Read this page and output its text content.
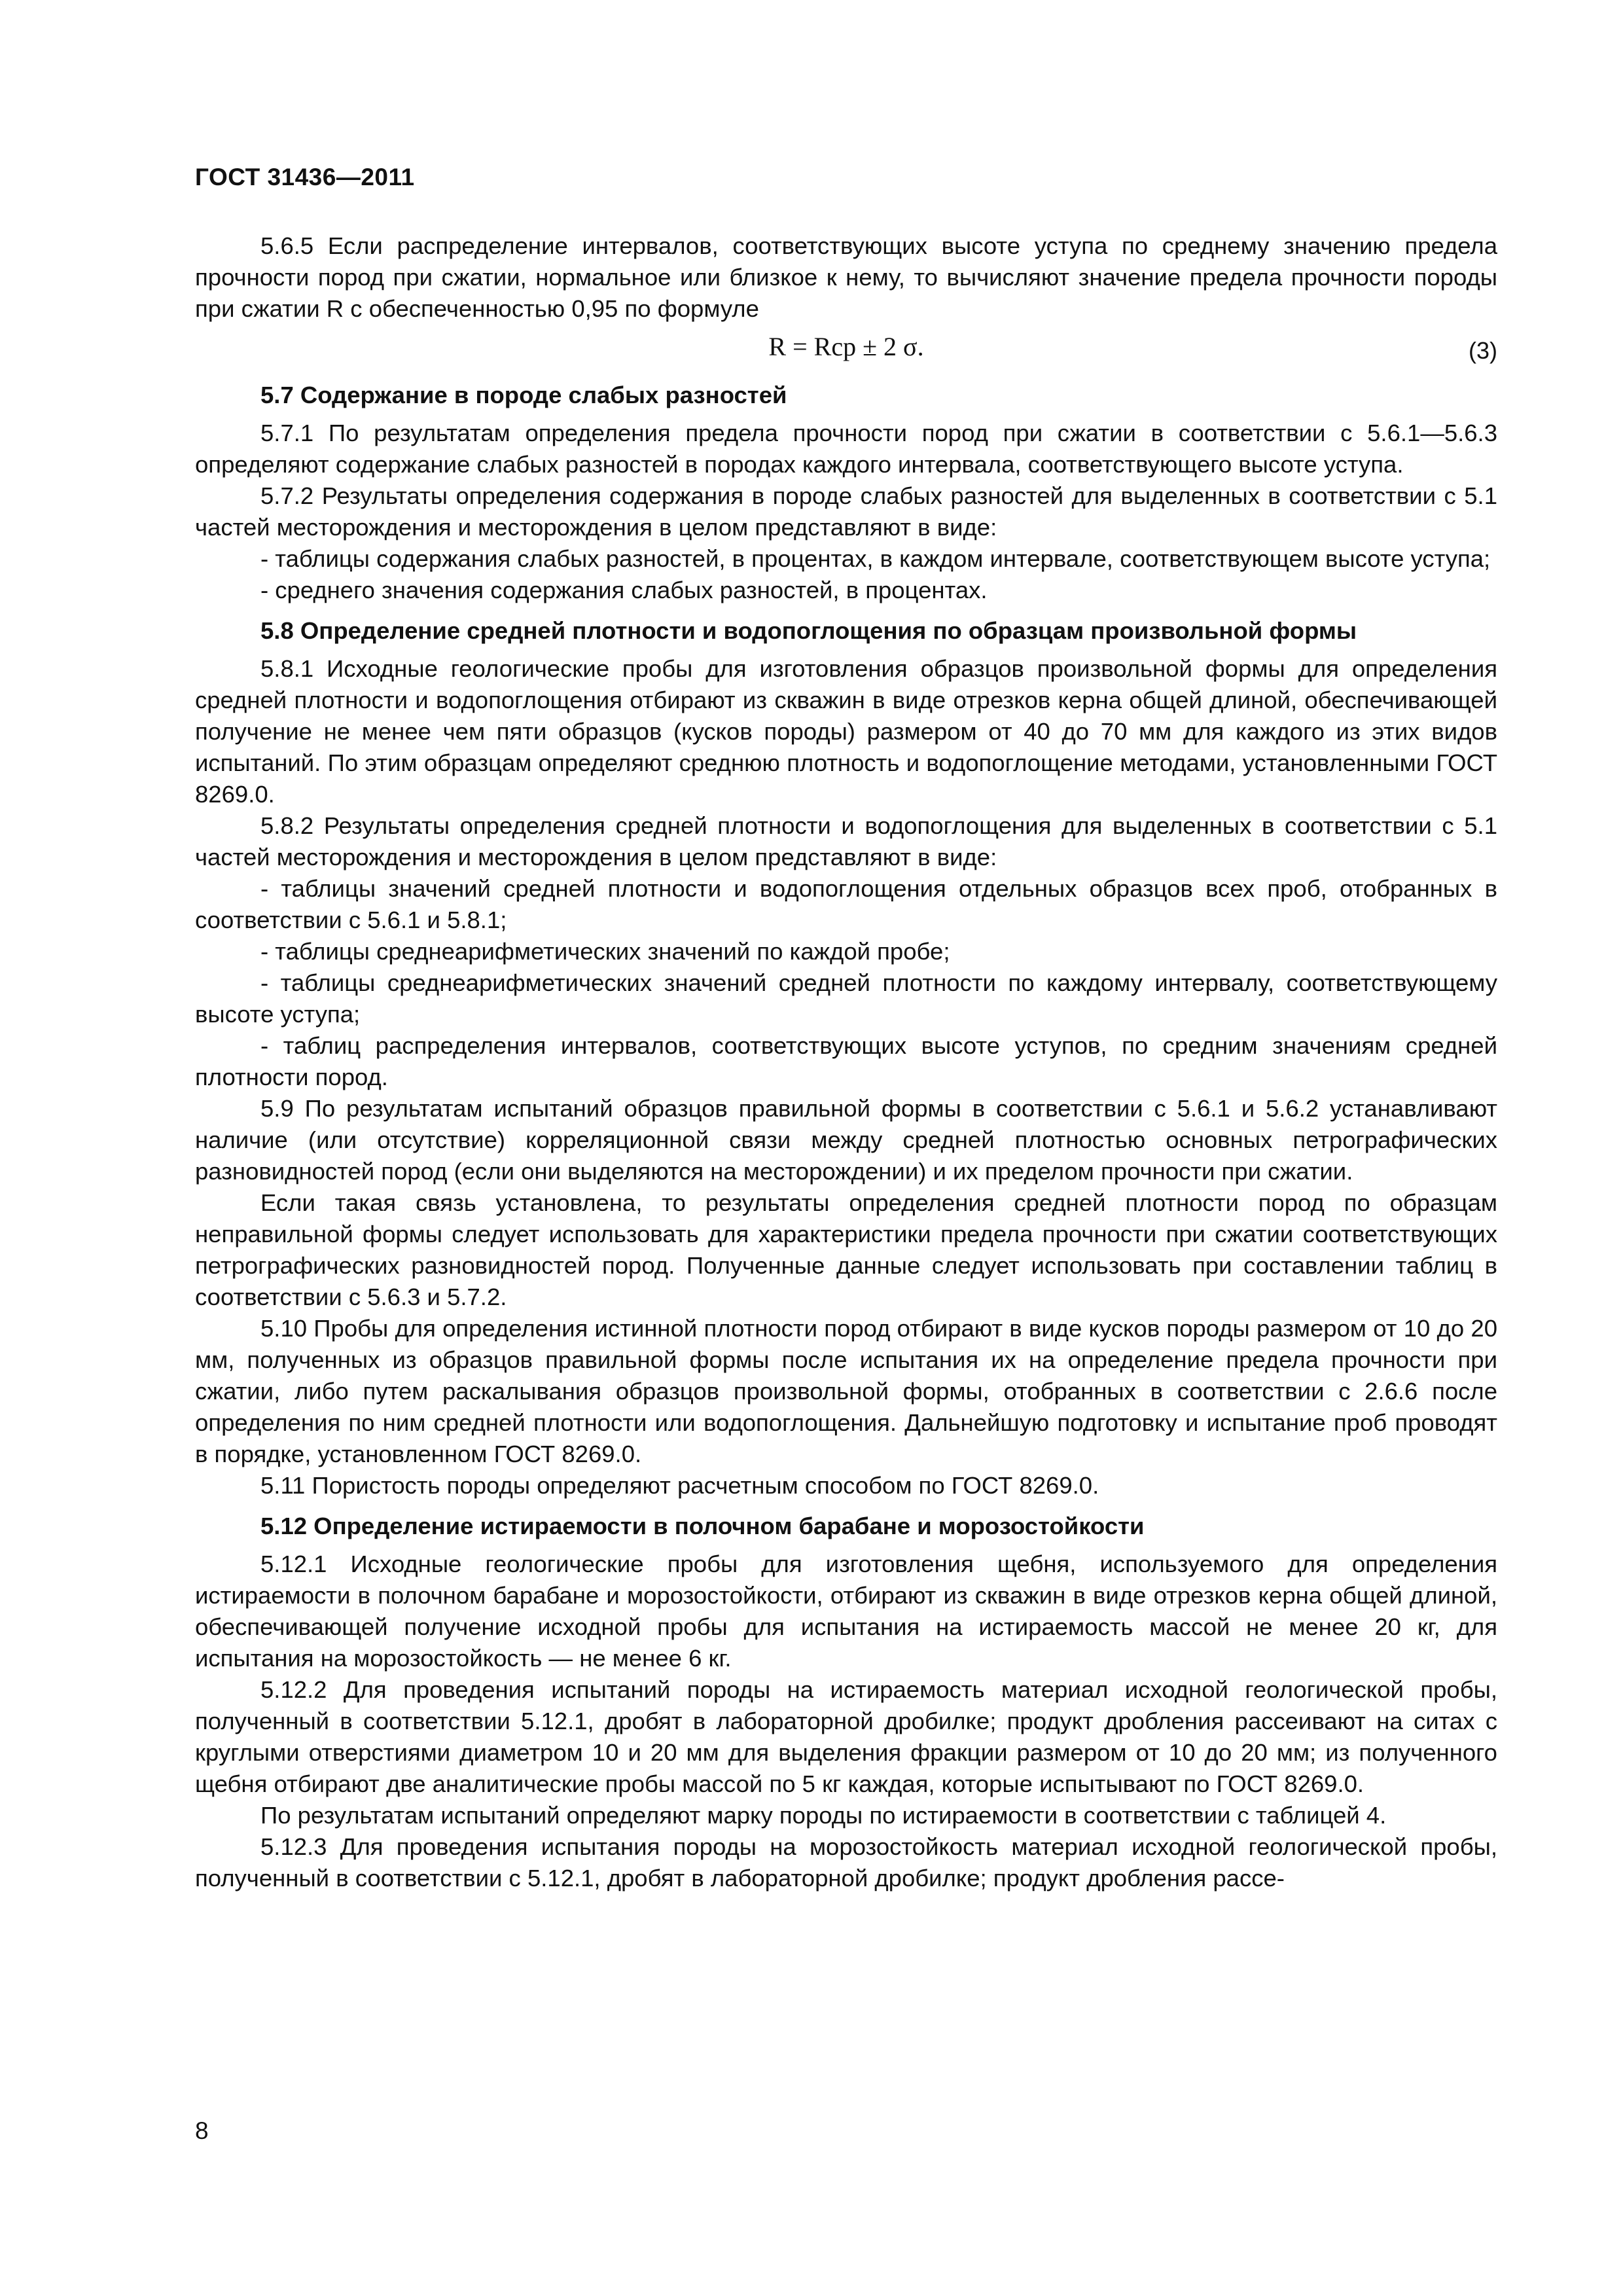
ГОСТ 31436—2011

5.6.5 Если распределение интервалов, соответствующих высоте уступа по среднему значению предела прочности пород при сжатии, нормальное или близкое к нему, то вычисляют значение предела прочности породы при сжатии R с обеспеченностью 0,95 по формуле

R = Rср ± 2 σ.	(3)

5.7 Содержание в породе слабых разностей

5.7.1 По результатам определения предела прочности пород при сжатии в соответствии с 5.6.1—5.6.3 определяют содержание слабых разностей в породах каждого интервала, соответствующего высоте уступа.

5.7.2 Результаты определения содержания в породе слабых разностей для выделенных в соответствии с 5.1 частей месторождения и месторождения в целом представляют в виде:

- таблицы содержания слабых разностей, в процентах, в каждом интервале, соответствующем высоте уступа;

- среднего значения содержания слабых разностей, в процентах.

5.8 Определение средней плотности и водопоглощения по образцам произвольной формы

5.8.1 Исходные геологические пробы для изготовления образцов произвольной формы для определения средней плотности и водопоглощения отбирают из скважин в виде отрезков керна общей длиной, обеспечивающей получение не менее чем пяти образцов (кусков породы) размером от 40 до 70 мм для каждого из этих видов испытаний. По этим образцам определяют среднюю плотность и водопоглощение методами, установленными ГОСТ 8269.0.

5.8.2 Результаты определения средней плотности и водопоглощения для выделенных в соответствии с 5.1 частей месторождения и месторождения в целом представляют в виде:

- таблицы значений средней плотности и водопоглощения отдельных образцов всех проб, отобранных в соответствии с 5.6.1 и 5.8.1;

- таблицы среднеарифметических значений по каждой пробе;

- таблицы среднеарифметических значений средней плотности по каждому интервалу, соответствующему высоте уступа;

- таблиц распределения интервалов, соответствующих высоте уступов, по средним значениям средней плотности пород.

5.9 По результатам испытаний образцов правильной формы в соответствии с 5.6.1 и 5.6.2 устанавливают наличие (или отсутствие) корреляционной связи между средней плотностью основных петрографических разновидностей пород (если они выделяются на месторождении) и их пределом прочности при сжатии.

Если такая связь установлена, то результаты определения средней плотности пород по образцам неправильной формы следует использовать для характеристики предела прочности при сжатии соответствующих петрографических разновидностей пород. Полученные данные следует использовать при составлении таблиц в соответствии с 5.6.3 и 5.7.2.

5.10 Пробы для определения истинной плотности пород отбирают в виде кусков породы размером от 10 до 20 мм, полученных из образцов правильной формы после испытания их на определение предела прочности при сжатии, либо путем раскалывания образцов произвольной формы, отобранных в соответствии с 2.6.6 после определения по ним средней плотности или водопоглощения. Дальнейшую подготовку и испытание проб проводят в порядке, установленном ГОСТ 8269.0.

5.11 Пористость породы определяют расчетным способом по ГОСТ 8269.0.

5.12 Определение истираемости в полочном барабане и морозостойкости

5.12.1 Исходные геологические пробы для изготовления щебня, используемого для определения истираемости в полочном барабане и морозостойкости, отбирают из скважин в виде отрезков керна общей длиной, обеспечивающей получение исходной пробы для испытания на истираемость массой не менее 20 кг, для испытания на морозостойкость — не менее 6 кг.

5.12.2 Для проведения испытаний породы на истираемость материал исходной геологической пробы, полученный в соответствии 5.12.1, дробят в лабораторной дробилке; продукт дробления рассеивают на ситах с круглыми отверстиями диаметром 10 и 20 мм для выделения фракции размером от 10 до 20 мм; из полученного щебня отбирают две аналитические пробы массой по 5 кг каждая, которые испытывают по ГОСТ 8269.0.

По результатам испытаний определяют марку породы по истираемости в соответствии с таблицей 4.

5.12.3 Для проведения испытания породы на морозостойкость материал исходной геологической пробы, полученный в соответствии с 5.12.1, дробят в лабораторной дробилке; продукт дробления рассе-

8
